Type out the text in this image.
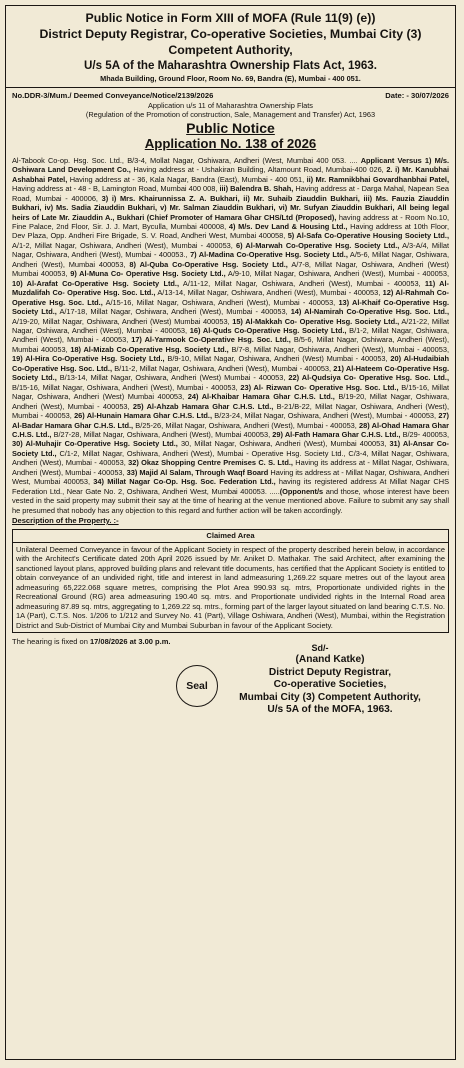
Public Notice in Form XIII of MOFA (Rule 11(9) (e))
District Deputy Registrar, Co-operative Societies, Mumbai City (3)
Competent Authority,
U/s 5A of the Maharashtra Ownership Flats Act, 1963.
Mhada Building, Ground Floor, Room No. 69, Bandra (E), Mumbai - 400 051.
No.DDR-3/Mum./ Deemed Conveyance/Notice/2139/2026	Date: - 30/07/2026
Application u/s 11 of Maharashtra Ownership Flats
(Regulation of the Promotion of construction, Sale, Management and Transfer) Act, 1963
Public Notice
Application No. 138 of 2026
Al-Tabook Co-op. Hsg. Soc. Ltd., B/3-4, Mollat Nagar, Oshiwara, Andheri (West, Mumbai 400 053. .... Applicant Versus 1) M/s. Oshiwara Land Development Co., Having address at - Ushakiran Building, Altamount Road, Mumbai-400 026, 2. i) Mr. Kanubhai Ashabhai Patel, Having address at - 36, Kala Nagar, Bandra (East), Mumbai - 400 051, ii) Mr. Ramnikbhai Govardhanbhai Patel, Having address at - 48 - B, Lamington Road, Mumbai 400 008, iii) Balendra B. Shah, Having address at - Darga Mahal, Napean Sea Road, Mumbai - 400006, 3) i) Mrs. Khairunnissa Z. A. Bukhari, ii) Mr. Suhaib Ziauddin Bukhari, iii) Ms. Fauzia Ziauddin Bukhari, iv) Ms. Sadia Ziauddin Bukhari, v) Mr. Salman Ziauddin Bukhari, vi) Mr. Sufyan Ziauddin Bukhari, All being legal heirs of Late Mr. Ziauddin A., Bukhari (Chief Promoter of Hamara Ghar CHS/Ltd (Proposed), having address at - Room No.10, Fine Palace, 2nd Floor, Sir. J. J. Mart, Byculla, Mumbai 400008, 4) M/s. Dev Land & Housing Ltd., Having address at 10th Floor, Dev Plaza, Opp. Andheri Fire Brigade, S. V. Road, Andheri West, Mumbai 400058, 5) Al-Safa Co-Operative Housing Society Ltd., A/1-2, Millat Nagar, Oshiwara, Andheri (West), Mumbai - 400053, 6) Al-Marwah Co-Operative Hsg. Society Ltd., A/3-A/4, Millat Nagar, Oshiwara, Andheri (West), Mumbai - 400053., 7) Al-Madina Co-Operative Hsg. Society Ltd., A/5-6, Millat Nagar, Oshiwara, Andheri (West), Mumbai 400053, 8) Al-Quba Co-Operative Hsg. Society Ltd., A/7-8, Millat Nagar, Oshiwara, Andheri (West) Mumbai 400053, 9) Al-Muna Co- Operative Hsg. Society Ltd., A/9-10, Millat Nagar, Oshiwara, Andheri (West), Mumbai - 400053, 10) Al-Arafat Co-Operative Hsg. Society Ltd., A/11-12, Millat Nagar, Oshiwara, Andheri (West), Mumbai - 400053, 11) Al-Muzdalifah Co- Operative Hsg. Soc. Ltd., A/13-14, Millat Nagar, Oshiwara, Andheri (West), Mumbai - 400053, 12) Al-Rahmah Co-Operative Hsg. Soc. Ltd., A/15-16, Millat Nagar, Oshiwara, Andheri (West), Mumbai - 400053, 13) Al-Khaif Co-Operative Hsg. Society Ltd., A/17-18, Millat Nagar, Oshiwara, Andheri (West), Mumbai - 400053, 14) Al-Namirah Co-Operative Hsg. Soc. Ltd., A/19-20, Millat Nagar, Oshiwara, Andheri (West) Mumbai 400053, 15) Al-Makkah Co- Operative Hsg. Society Ltd., A/21-22, Millat Nagar, Oshiwara, Andheri (West), Mumbai - 400053, 16) Al-Quds Co-Operative Hsg. Society Ltd., B/1-2, Millat Nagar, Oshiwara, Andheri (West), Mumbai - 400053, 17) Al-Yarmook Co-Operative Hsg. Soc. Ltd., B/5-6, Millat Nagar, Oshiwara, Andheri (West), Mumbai 400053, 18) Al-Mizab Co-Operative Hsg. Society Ltd., B/7-8, Millat Nagar, Oshiwara, Andheri (West), Mumbai - 400053, 19) Al-Hira Co-Operative Hsg. Society Ltd., B/9-10, Millat Nagar, Oshiwara, Andheri (West) Mumbai - 400053, 20) Al-Hudaibiah Co-Operative Hsg. Soc. Ltd., B/11-2, Millat Nagar, Oshiwara, Andheri (West), Mumbai - 400053, 21) Al-Hateem Co-Operative Hsg. Society Ltd., B/13-14, Millat Nagar, Oshiwara, Andheri (West) Mumbai - 400053, 22) Al-Qudsiya Co- Operative Hsg. Soc. Ltd., B/15-16, Millat Nagar, Oshiwara, Andheri (West), Mumbai - 400053, 23) Al- Rizwan Co- Operative Hsg. Soc. Ltd., B/15-16, Millat Nagar, Oshiwara, Andheri (West) Mumbai 400053, 24) Al-Khaibar Hamara Ghar C.H.S. Ltd., B/19-20, Millat Nagar, Oshiwara, Andheri (West), Mumbai - 400053, 25) Al-Ahzab Hamara Ghar C.H.S. Ltd., B-21/B-22, Millat Nagar, Oshiwara, Andheri (West), Mumbai - 400053, 26) Al-Hunain Hamara Ghar C.H.S. Ltd., B/23-24, Millat Nagar, Oshiwara, Andheri (West), Mumbai - 400053, 27) Al-Badar Hamara Ghar C.H.S. Ltd., B/25-26, Millat Nagar, Oshiwara, Andheri (West), Mumbai - 400053, 28) Al-Ohad Hamara Ghar C.H.S. Ltd., B/27-28, Millat Nagar, Oshiwara, Andheri (West), Mumbai 400053, 29) Al-Fath Hamara Ghar C.H.S. Ltd., B/29- 400053, 30) Al-Muhajir Co-Operative Hsg. Society Ltd., 30, Millat Nagar, Oshiwara, Andheri (West), Mumbai 400053, 31) Al-Ansar Co- Society Ltd., C/1-2, Millat Nagar, Oshiwara, Andheri (West), Mumbai - Operative Hsg. Society Ltd., C/3-4, Millat Nagar, Oshiwara, Andheri (West), Mumbai - 400053, 32) Okaz Shopping Centre Premises C. S. Ltd., Having its address at - Millat Nagar, Oshiwara, Andheri (West), Mumbai - 400053, 33) Majid Al Salam, Through Waqf Board Having its address at - Millat Nagar, Oshiwara, Andheri West, Mumbai 400053, 34) Millat Nagar Co-Op. Hsg. Soc. Federation Ltd., having its registered address At Millat Nagar CHS Federation Ltd., Near Gate No. 2, Oshiwara, Andheri West, Mumbai 400053. .....(Opponent/s and those, whose interest have been vested in the said property may submit their say at the time of hearing at the venue mentioned above. Failure to submit any say shall he presumed that nobody has any objection to this regard and further action will be taken accordingly.
Description of the Property. :-
Claimed Area
Unilateral Deemed Conveyance in favour of the Applicant Society in respect of the property described herein below, in accordance with the Architect's Certificate dated 20th April 2026 issued by Mr. Aniket D. Mathakar. The said Architect, after examining the sanctioned layout plans, approved building plans and relevant title documents, has certified that the Applicant Society is entitled to obtain conveyance of an undivided right, title and interest in land admeasuring 1,269.22 square metres out of the layout area admeasuring 65,222.068 square metres, comprising the Plot Area 990.93 sq. mtrs, Proportionate undivided rights in the Recreational Ground (RG) area admeasuring 190.40 sq. mtrs. and Proportionate undivided rights in the Internal Road area admeasuring 87.89 sq. mtrs, aggregating to 1,269.22 sq. mtrs., forming part of the larger layout situated on land bearing C.T.S. No. 1A (Part), C.T.S. Nos. 1/206 to 1/212 and Survey No. 41 (Part), Village Oshiwara, Andheri (West), Mumbai, within the Registration District and Sub-District of Mumbai City and Mumbai Suburban in favour of the Applicant Society.
The hearing is fixed on 17/08/2026 at 3.00 p.m.
Seal
Sd/-
(Anand Katke)
District Deputy Registrar,
Co-operative Societies,
Mumbai City (3) Competent Authority,
U/s 5A of the MOFA, 1963.
